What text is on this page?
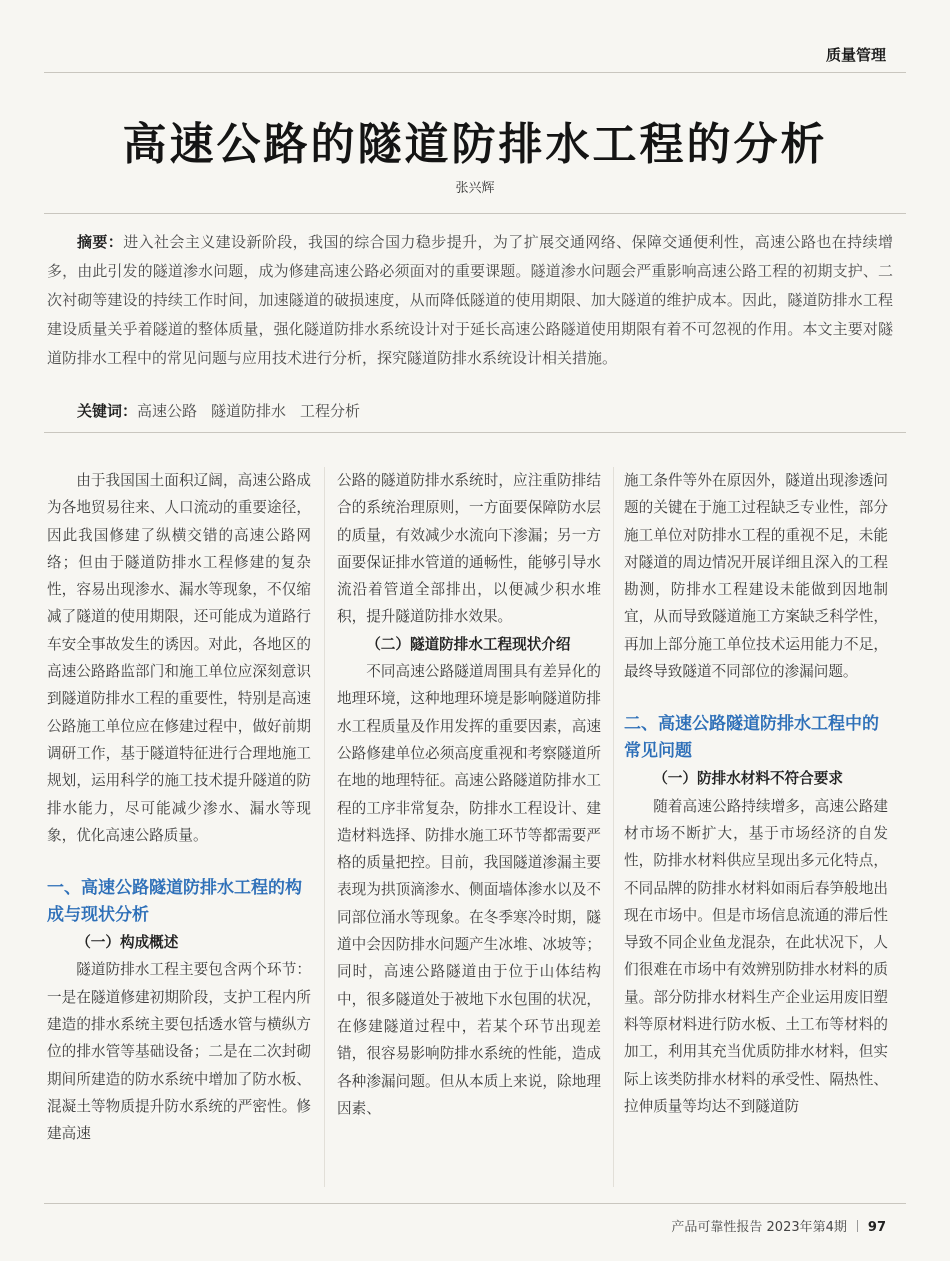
质量管理
高速公路的隧道防排水工程的分析
张兴辉

摘要：进入社会主义建设新阶段，我国的综合国力稳步提升，为了扩展交通网络、保障交通便利性，高速公路也在持续增多，由此引发的隧道渗水问题，成为修建高速公路必须面对的重要课题。隧道渗水问题会严重影响高速公路工程的初期支护、二次衬砌等建设的持续工作时间，加速隧道的破损速度，从而降低隧道的使用期限、加大隧道的维护成本。因此，隧道防排水工程建设质量关乎着隧道的整体质量，强化隧道防排水系统设计对于延长高速公路隧道使用期限有着不可忽视的作用。本文主要对隧道防排水工程中的常见问题与应用技术进行分析，探究隧道防排水系统设计相关措施。

关键词：高速公路 隧道防排水 工程分析

由于我国国土面积辽阔，高速公路成为各地贸易往来、人口流动的重要途径，因此我国修建了纵横交错的高速公路网络；但由于隧道防排水工程修建的复杂性，容易出现渗水、漏水等现象，不仅缩减了隧道的使用期限，还可能成为道路行车安全事故发生的诱因。对此，各地区的高速公路路监部门和施工单位应深刻意识到隧道防排水工程的重要性，特别是高速公路施工单位应在修建过程中，做好前期调研工作，基于隧道特征进行合理地施工规划，运用科学的施工技术提升隧道的防排水能力，尽可能减少渗水、漏水等现象，优化高速公路质量。

一、高速公路隧道防排水工程的构成与现状分析
（一）构成概述

隧道防排水工程主要包含两个环节：一是在隧道修建初期阶段，支护工程内所建造的排水系统主要包括透水管与横纵方位的排水管等基础设备；二是在二次封砌期间所建造的防水系统中增加了防水板、混凝土等物质提升防水系统的严密性。修建高速

公路的隧道防排水系统时，应注重防排结合的系统治理原则，一方面要保障防水层的质量，有效减少水流向下渗漏；另一方面要保证排水管道的通畅性，能够引导水流沿着管道全部排出，以便减少积水堆积，提升隧道防排水效果。

（二）隧道防排水工程现状介绍

不同高速公路隧道周围具有差异化的地理环境，这种地理环境是影响隧道防排水工程质量及作用发挥的重要因素，高速公路修建单位必须高度重视和考察隧道所在地的地理特征。高速公路隧道防排水工程的工序非常复杂，防排水工程设计、建造材料选择、防排水施工环节等都需要严格的质量把控。目前，我国隧道渗漏主要表现为拱顶滴渗水、侧面墙体渗水以及不同部位涌水等现象。在冬季寒冷时期，隧道中会因防排水问题产生冰堆、冰坡等；同时，高速公路隧道由于位于山体结构中，很多隧道处于被地下水包围的状况，在修建隧道过程中，若某个环节出现差错，很容易影响防排水系统的性能，造成各种渗漏问题。但从本质上来说，除地理因素、

施工条件等外在原因外，隧道出现渗透问题的关键在于施工过程缺乏专业性，部分施工单位对防排水工程的重视不足，未能对隧道的周边情况开展详细且深入的工程勘测，防排水工程建设未能做到因地制宜，从而导致隧道施工方案缺乏科学性，再加上部分施工单位技术运用能力不足，最终导致隧道不同部位的渗漏问题。

二、高速公路隧道防排水工程中的常见问题
（一）防排水材料不符合要求

随着高速公路持续增多，高速公路建材市场不断扩大，基于市场经济的自发性，防排水材料供应呈现出多元化特点，不同品牌的防排水材料如雨后春笋般地出现在市场中。但是市场信息流通的滞后性导致不同企业鱼龙混杂，在此状况下，人们很难在市场中有效辨别防排水材料的质量。部分防排水材料生产企业运用废旧塑料等原材料进行防水板、土工布等材料的加工，利用其充当优质防排水材料，但实际上该类防排水材料的承受性、隔热性、拉伸质量等均达不到隧道防

产品可靠性报告 2023年第4期 97
